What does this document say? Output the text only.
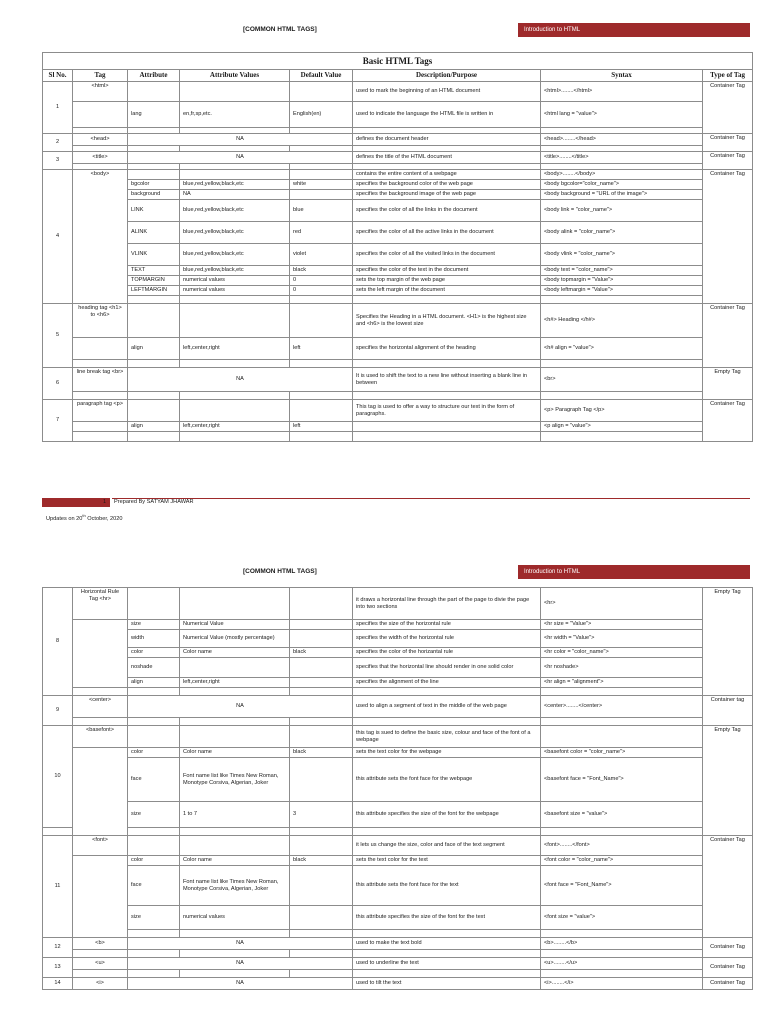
[COMMON HTML TAGS]	Introduction to HTML
Basic HTML Tags							
Sl No.	Tag	Attribute	Attribute Values	Default Value	Description/Purpose	Syntax	Type of Tag
1	<html>				used to mark the beginning of an HTML document	<html>........</html>	Container Tag
		lang	en,fr,sp,etc.	English(en)	used to indicate the language the HTML file is written in	<html lang = "value">	

2	<head>	NA			defines the document header	<head>........</head>	Container Tag

3	<title>	NA			defines the title of the HTML document	<title>........</title>	Container Tag

4	<body>				contains the entire content of a webpage	<body>........</body>	Container Tag
		bgcolor	blue,red,yellow,black,etc	white	specifies the background color of the web page	<body bgcolor="color_name">	
		background	NA		specifies the background image of the web page	<body background = "URL of the image">	
		LINK	blue,red,yellow,black,etc	blue	specifies the color of all the links in the document	<body link = "color_name">	
		ALINK	blue,red,yellow,black,etc	red	specifies the color of all the active links in the document	<body alink = "color_name">	
		VLINK	blue,red,yellow,black,etc	violet	specifies the color of all the visited links in the document	<body vlink = "color_name">	
		TEXT	blue,red,yellow,black,etc	black	specifies the color of the text in the document	<body text = "color_name">	
		TOPMARGIN	numerical values	0	sets the top margin of the web page	<body topmargin = "Value">	
		LEFTMARGIN	numerical values	0	sets the left margin of the document	<body leftmargin = "Value">	

5	heading tag <h1> to <h6>				Specifies the Heading in a HTML document. <H1> is the highest size and <h6> is the lowest size	<h#> Heading </h#>	Container Tag
		align	left,center,right	left	specifies the horizontal alignment of the heading	<h# align = "value">	

6	line break tag <br>	NA			It is used to shift the text to a new line without inserting a blank line in between	<br>	Empty Tag

7	paragraph tag <p>				This tag is used to offer a way to structure our text in the form of paragraphs.	<p> Paragraph Tag </p>	Container Tag
		align	left,center,right	left		<p align = "value">	

1 Prepared By SATYAM JHAWAR
Updates on 20th October, 2020
[COMMON HTML TAGS]	Introduction to HTML
8	Horizontal Rule Tag <hr>				it draws a horizontal line through the part of the page to divie the page into two sections	<hr>	Empty Tag
		size	Numerical Value		specifies the size of the horizontal rule	<hr size = "Value">	
		width	Numerical Value (mostly percentage)		specifies the width of the horizontal rule	<hr width = "Value">	
		color	Color name	black	specifies the color of the horizantal rule	<hr color = "color_name">	
		noshade			specifies that the horizontal line should render in one solid color	<hr noshade>	
		align	left,center,right		specifies the alignment of the line	<hr align = "alignment">	

9	<center>	NA			used to align a segment of text in the middle of the web page	<center>........</center>	Container tag

10	<basefont>				this tag is sued to define the basic size, colour and face of the font of a webpage		Empty Tag
		color	Color name	black	sets the text color for the webpage	<basefont color = "color_name">	
		face	Font name list like Times New Roman, Monotype Corsiva, Algerian, Joker		this attribute sets the font face for the webpage	<basefont face = "Font_Name">	
		size	1 to 7	3	this attribute specifies the size of the font for the webpage	<basefont size = "value">	

11	<font>				it lets us change the size, color and face of the text segment	<font>........</font>	Container Tag
		color	Color name	black	sets the text color for the text	<font color = "color_name">	
		face	Font name list like Times New Roman, Monotype Corsiva, Algerian, Joker		this attribute sets the font face for the text	<font face = "Font_Name">	
		size	numerical values		this attribute specifies the size of the font for the text	<font size = "value">	

12	<b>	NA			used to make the text bold	<b>........</b>	Container Tag

13	<u>	NA			used to underline the text	<u>........</u>	Container Tag

14	<i>	NA			used to tilt the text	<i>........</i>	Container Tag
